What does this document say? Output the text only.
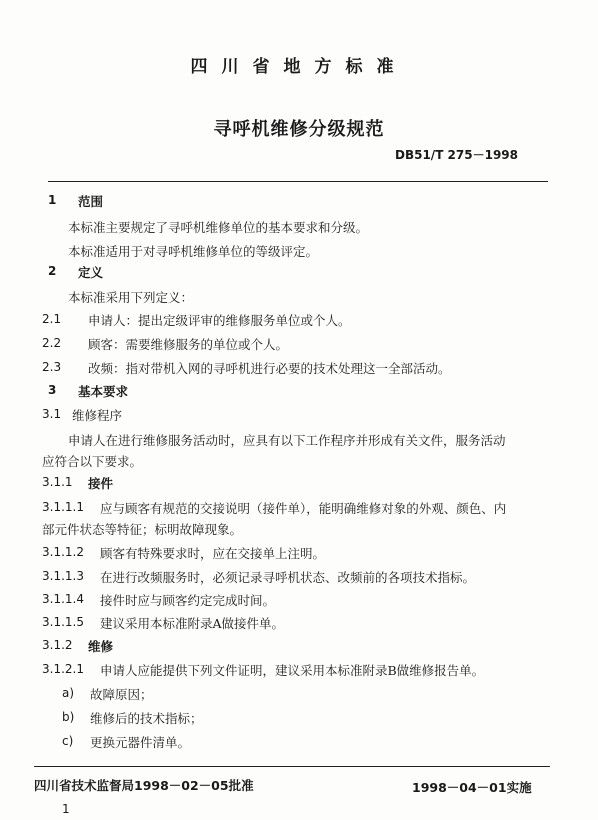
四川省地方标准
寻呼机维修分级规范
DB51/T 275－1998
1 范围
本标准主要规定了寻呼机维修单位的基本要求和分级。
本标准适用于对寻呼机维修单位的等级评定。
2 定义
本标准采用下列定义：
2.1 申请人：提出定级评审的维修服务单位或个人。
2.2 顾客：需要维修服务的单位或个人。
2.3 改频：指对带机入网的寻呼机进行必要的技术处理这一全部活动。
3 基本要求
3.1 维修程序
申请人在进行维修服务活动时，应具有以下工作程序并形成有关文件，服务活动
应符合以下要求。
3.1.1 接件
3.1.1.1 应与顾客有规范的交接说明（接件单），能明确维修对象的外观、颜色、内
部元件状态等特征；标明故障现象。
3.1.1.2 顾客有特殊要求时，应在交接单上注明。
3.1.1.3 在进行改频服务时，必须记录寻呼机状态、改频前的各项技术指标。
3.1.1.4 接件时应与顾客约定完成时间。
3.1.1.5 建议采用本标准附录A做接件单。
3.1.2 维修
3.1.2.1 申请人应能提供下列文件证明，建议采用本标准附录B做维修报告单。
a) 故障原因；
b) 维修后的技术指标；
c) 更换元器件清单。
四川省技术监督局1998－02－05批准	1998－04－01实施
1
